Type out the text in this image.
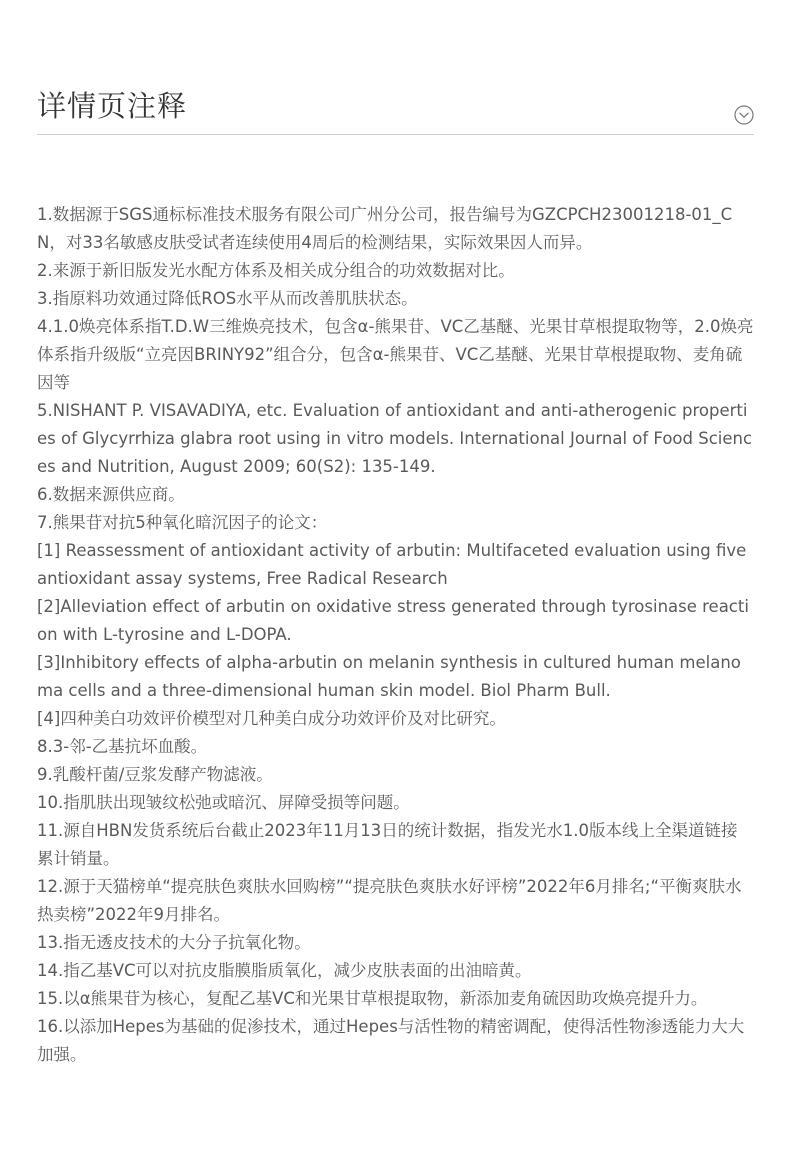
详情页注释
1.数据源于SGS通标标准技术服务有限公司广州分公司，报告编号为GZCPCH23001218-01_CN，对33名敏感皮肤受试者连续使用4周后的检测结果，实际效果因人而异。
2.来源于新旧版发光水配方体系及相关成分组合的功效数据对比。
3.指原料功效通过降低ROS水平从而改善肌肤状态。
4.1.0焕亮体系指T.D.W三维焕亮技术，包含α-熊果苷、VC乙基醚、光果甘草根提取物等，2.0焕亮体系指升级版“立亮因BRINY92”组合分，包含α-熊果苷、VC乙基醚、光果甘草根提取物、麦角硫因等
5.NISHANT P. VISAVADIYA, etc. Evaluation of antioxidant and anti-atherogenic properties of Glycyrrhiza glabra root using in vitro models. International Journal of Food Sciences and Nutrition, August 2009; 60(S2): 135-149.
6.数据来源供应商。
7.熊果苷对抗5种氧化暗沉因子的论文：
[1] Reassessment of antioxidant activity of arbutin: Multifaceted evaluation using five antioxidant assay systems, Free Radical Research
[2]Alleviation effect of arbutin on oxidative stress generated through tyrosinase reaction with L-tyrosine and L-DOPA.
[3]Inhibitory effects of alpha-arbutin on melanin synthesis in cultured human melanoma cells and a three-dimensional human skin model. Biol Pharm Bull.
[4]四种美白功效评价模型对几种美白成分功效评价及对比研究。
8.3-邻-乙基抗坏血酸。
9.乳酸杆菌/豆浆发酵产物滤液。
10.指肌肤出现皱纹松弛或暗沉、屏障受损等问题。
11.源自HBN发货系统后台截止2023年11月13日的统计数据，指发光水1.0版本线上全渠道链接累计销量。
12.源于天猫榜单“提亮肤色爽肤水回购榜”“提亮肤色爽肤水好评榜”2022年6月排名;“平衡爽肤水热卖榜”2022年9月排名。
13.指无透皮技术的大分子抗氧化物。
14.指乙基VC可以对抗皮脂膜脂质氧化，减少皮肤表面的出油暗黄。
15.以α熊果苷为核心，复配乙基VC和光果甘草根提取物，新添加麦角硫因助攻焕亮提升力。
16.以添加Hepes为基础的促渗技术，通过Hepes与活性物的精密调配，使得活性物渗透能力大大加强。
